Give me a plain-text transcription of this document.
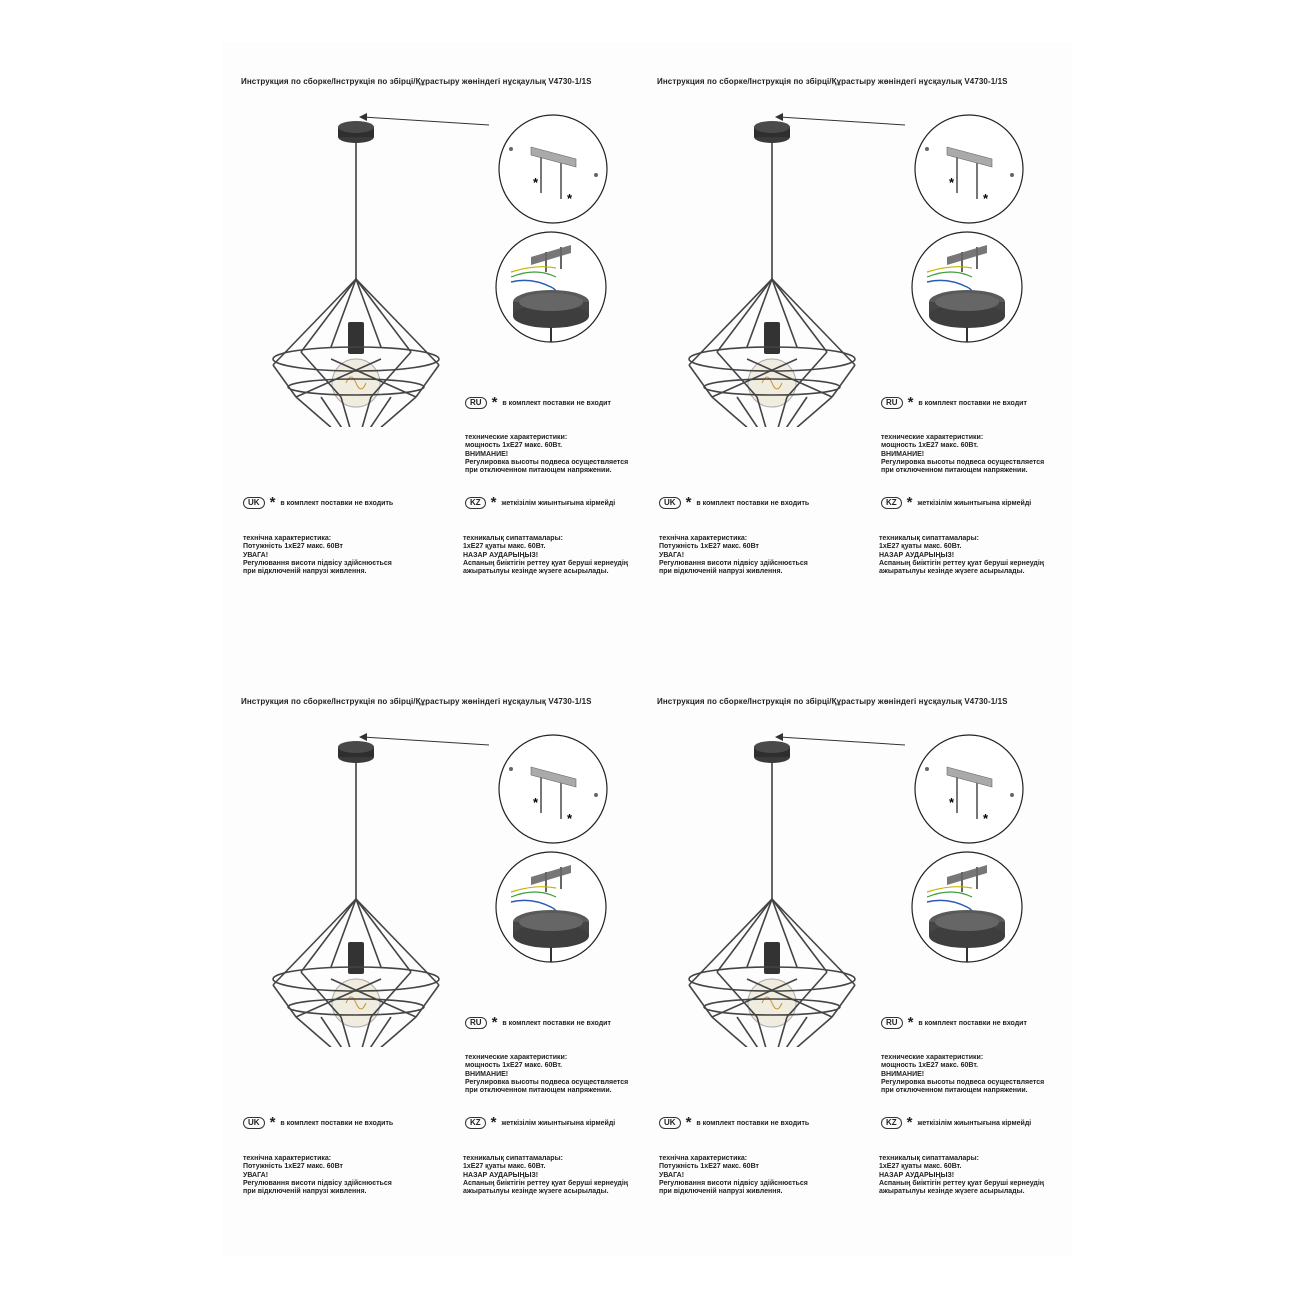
Инструкция по сборке/Інструкція по збірці/Құрастыру жөніндегі нұсқаулық V4730-1/1S
*
*
RU * в комплект поставки не входит
технические характеристики:
мощность 1хE27 макс. 60Вт.
ВНИМАНИЕ!
Регулировка высоты подвеса осуществляется
при отключенном питающем напряжении.
UK * в комплект поставки не входить
технічна характеристика:
Потужність 1хE27 макс. 60Вт
УВАГА!
Регулювання висоти підвісу здійснюється
при відключеній напрузі живлення.
KZ * жеткізілім жиынтығына кірмейді
техникалық сипаттамалары:
1хE27 қуаты макс. 60Вт.
НАЗАР АУДАРЫҢЫЗ!
Аспаның биіктігін реттеу қуат беруші кернеудің
ажыратылуы кезінде жүзеге асырылады.
Инструкция по сборке/Інструкція по збірці/Құрастыру жөніндегі нұсқаулық V4730-1/1S
*
*
RU * в комплект поставки не входит
технические характеристики:
мощность 1хE27 макс. 60Вт.
ВНИМАНИЕ!
Регулировка высоты подвеса осуществляется
при отключенном питающем напряжении.
UK * в комплект поставки не входить
технічна характеристика:
Потужність 1хE27 макс. 60Вт
УВАГА!
Регулювання висоти підвісу здійснюється
при відключеній напрузі живлення.
KZ * жеткізілім жиынтығына кірмейді
техникалық сипаттамалары:
1хE27 қуаты макс. 60Вт.
НАЗАР АУДАРЫҢЫЗ!
Аспаның биіктігін реттеу қуат беруші кернеудің
ажыратылуы кезінде жүзеге асырылады.
Инструкция по сборке/Інструкція по збірці/Құрастыру жөніндегі нұсқаулық V4730-1/1S
*
*
RU * в комплект поставки не входит
технические характеристики:
мощность 1хE27 макс. 60Вт.
ВНИМАНИЕ!
Регулировка высоты подвеса осуществляется
при отключенном питающем напряжении.
UK * в комплект поставки не входить
технічна характеристика:
Потужність 1хE27 макс. 60Вт
УВАГА!
Регулювання висоти підвісу здійснюється
при відключеній напрузі живлення.
KZ * жеткізілім жиынтығына кірмейді
техникалық сипаттамалары:
1хE27 қуаты макс. 60Вт.
НАЗАР АУДАРЫҢЫЗ!
Аспаның биіктігін реттеу қуат беруші кернеудің
ажыратылуы кезінде жүзеге асырылады.
Инструкция по сборке/Інструкція по збірці/Құрастыру жөніндегі нұсқаулық V4730-1/1S
*
*
RU * в комплект поставки не входит
технические характеристики:
мощность 1хE27 макс. 60Вт.
ВНИМАНИЕ!
Регулировка высоты подвеса осуществляется
при отключенном питающем напряжении.
UK * в комплект поставки не входить
технічна характеристика:
Потужність 1хE27 макс. 60Вт
УВАГА!
Регулювання висоти підвісу здійснюється
при відключеній напрузі живлення.
KZ * жеткізілім жиынтығына кірмейді
техникалық сипаттамалары:
1хE27 қуаты макс. 60Вт.
НАЗАР АУДАРЫҢЫЗ!
Аспаның биіктігін реттеу қуат беруші кернеудің
ажыратылуы кезінде жүзеге асырылады.
